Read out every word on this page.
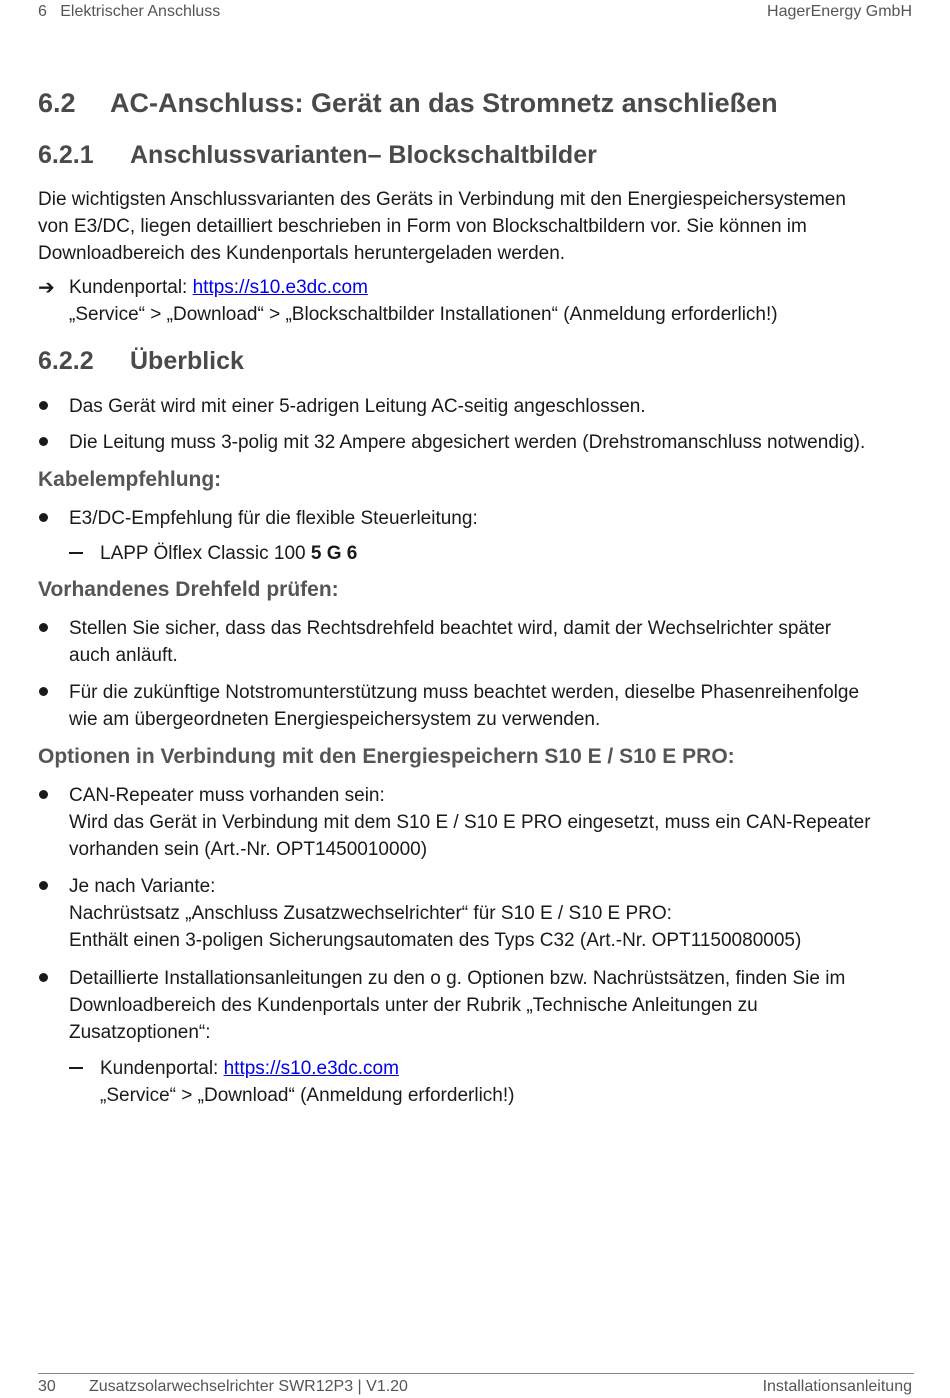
6   Elektrischer Anschluss	HagerEnergy GmbH
6.2 AC-Anschluss: Gerät an das Stromnetz anschließen
6.2.1 Anschlussvarianten– Blockschaltbilder
Die wichtigsten Anschlussvarianten des Geräts in Verbindung mit den Energiespeichersystemen
von E3/DC, liegen detailliert beschrieben in Form von Blockschaltbildern vor. Sie können im
Downloadbereich des Kundenportals heruntergeladen werden.
➔ Kundenportal: https://s10.e3dc.com
„Service“ > „Download“ > „Blockschaltbilder Installationen“ (Anmeldung erforderlich!)
6.2.2 Überblick
Das Gerät wird mit einer 5-adrigen Leitung AC-seitig angeschlossen.
Die Leitung muss 3-polig mit 32 Ampere abgesichert werden (Drehstromanschluss notwendig).
Kabelempfehlung:
E3/DC-Empfehlung für die flexible Steuerleitung:
LAPP Ölflex Classic 100 5 G 6
Vorhandenes Drehfeld prüfen:
Stellen Sie sicher, dass das Rechtsdrehfeld beachtet wird, damit der Wechselrichter später
auch anläuft.
Für die zukünftige Notstromunterstützung muss beachtet werden, dieselbe Phasenreihenfolge
wie am übergeordneten Energiespeichersystem zu verwenden.
Optionen in Verbindung mit den Energiespeichern S10 E / S10 E PRO:
CAN-Repeater muss vorhanden sein:
Wird das Gerät in Verbindung mit dem S10 E / S10 E PRO eingesetzt, muss ein CAN-Repeater
vorhanden sein (Art.-Nr. OPT1450010000)
Je nach Variante:
Nachrüstsatz „Anschluss Zusatzwechselrichter“ für S10 E / S10 E PRO:
Enthält einen 3-poligen Sicherungsautomaten des Typs C32 (Art.-Nr. OPT1150080005)
Detaillierte Installationsanleitungen zu den o g. Optionen bzw. Nachrüstsätzen, finden Sie im
Downloadbereich des Kundenportals unter der Rubrik „Technische Anleitungen zu
Zusatzoptionen“:
Kundenportal: https://s10.e3dc.com
„Service“ > „Download“ (Anmeldung erforderlich!)
30 Zusatzsolarwechselrichter SWR12P3 | V1.20	Installationsanleitung
